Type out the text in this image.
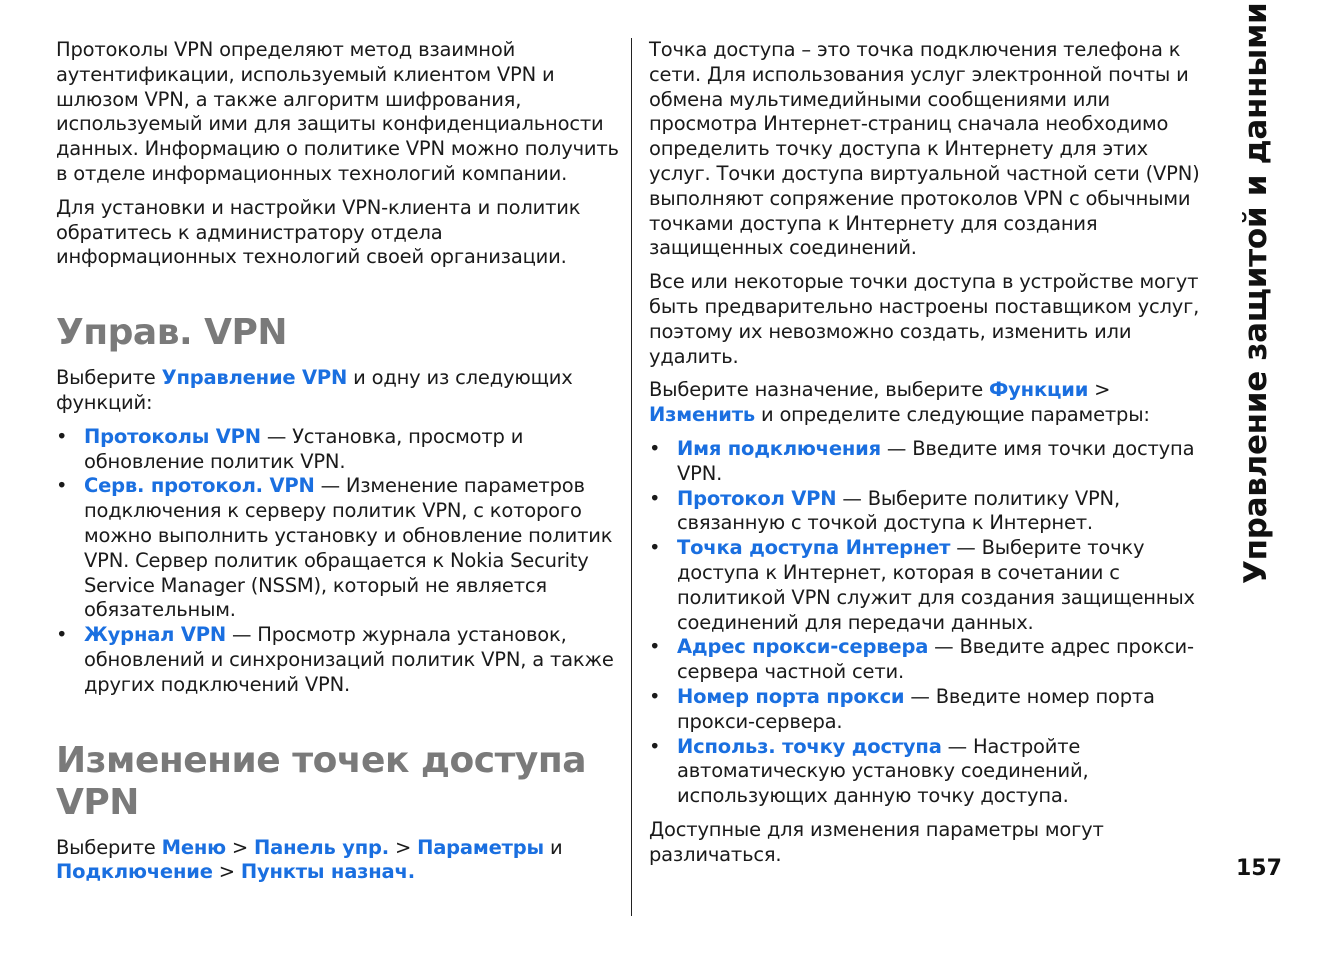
Протоколы VPN определяют метод взаимной аутентификации, используемый клиентом VPN и шлюзом VPN, а также алгоритм шифрования, используемый ими для защиты конфиденциальности данных. Информацию о политике VPN можно получить в отделе информационных технологий компании.

Для установки и настройки VPN-клиента и политик обратитесь к администратору отдела информационных технологий своей организации.

Управ. VPN

Выберите Управление VPN и одну из следующих функций:

• Протоколы VPN — Установка, просмотр и обновление политик VPN.
• Серв. протокол. VPN — Изменение параметров подключения к серверу политик VPN, с которого можно выполнить установку и обновление политик VPN. Сервер политик обращается к Nokia Security Service Manager (NSSM), который не является обязательным.
• Журнал VPN — Просмотр журнала установок, обновлений и синхронизаций политик VPN, а также других подключений VPN.
Изменение точек доступа VPN

Выберите Меню > Панель упр. > Параметры и Подключение > Пункты назнач.

Точка доступа – это точка подключения телефона к сети. Для использования услуг электронной почты и обмена мультимедийными сообщениями или просмотра Интернет-страниц сначала необходимо определить точку доступа к Интернету для этих услуг. Точки доступа виртуальной частной сети (VPN) выполняют сопряжение протоколов VPN с обычными точками доступа к Интернету для создания защищенных соединений.

Все или некоторые точки доступа в устройстве могут быть предварительно настроены поставщиком услуг, поэтому их невозможно создать, изменить или удалить.

Выберите назначение, выберите Функции > Изменить и определите следующие параметры:

• Имя подключения — Введите имя точки доступа VPN.
• Протокол VPN — Выберите политику VPN, связанную с точкой доступа к Интернет.
• Точка доступа Интернет — Выберите точку доступа к Интернет, которая в сочетании с политикой VPN служит для создания защищенных соединений для передачи данных.
• Адрес прокси-сервера — Введите адрес прокси-сервера частной сети.
• Номер порта прокси — Введите номер порта прокси-сервера.
• Использ. точку доступа — Настройте автоматическую установку соединений, использующих данную точку доступа.

Доступные для изменения параметры могут различаться.

Управление защитой и данными
157
